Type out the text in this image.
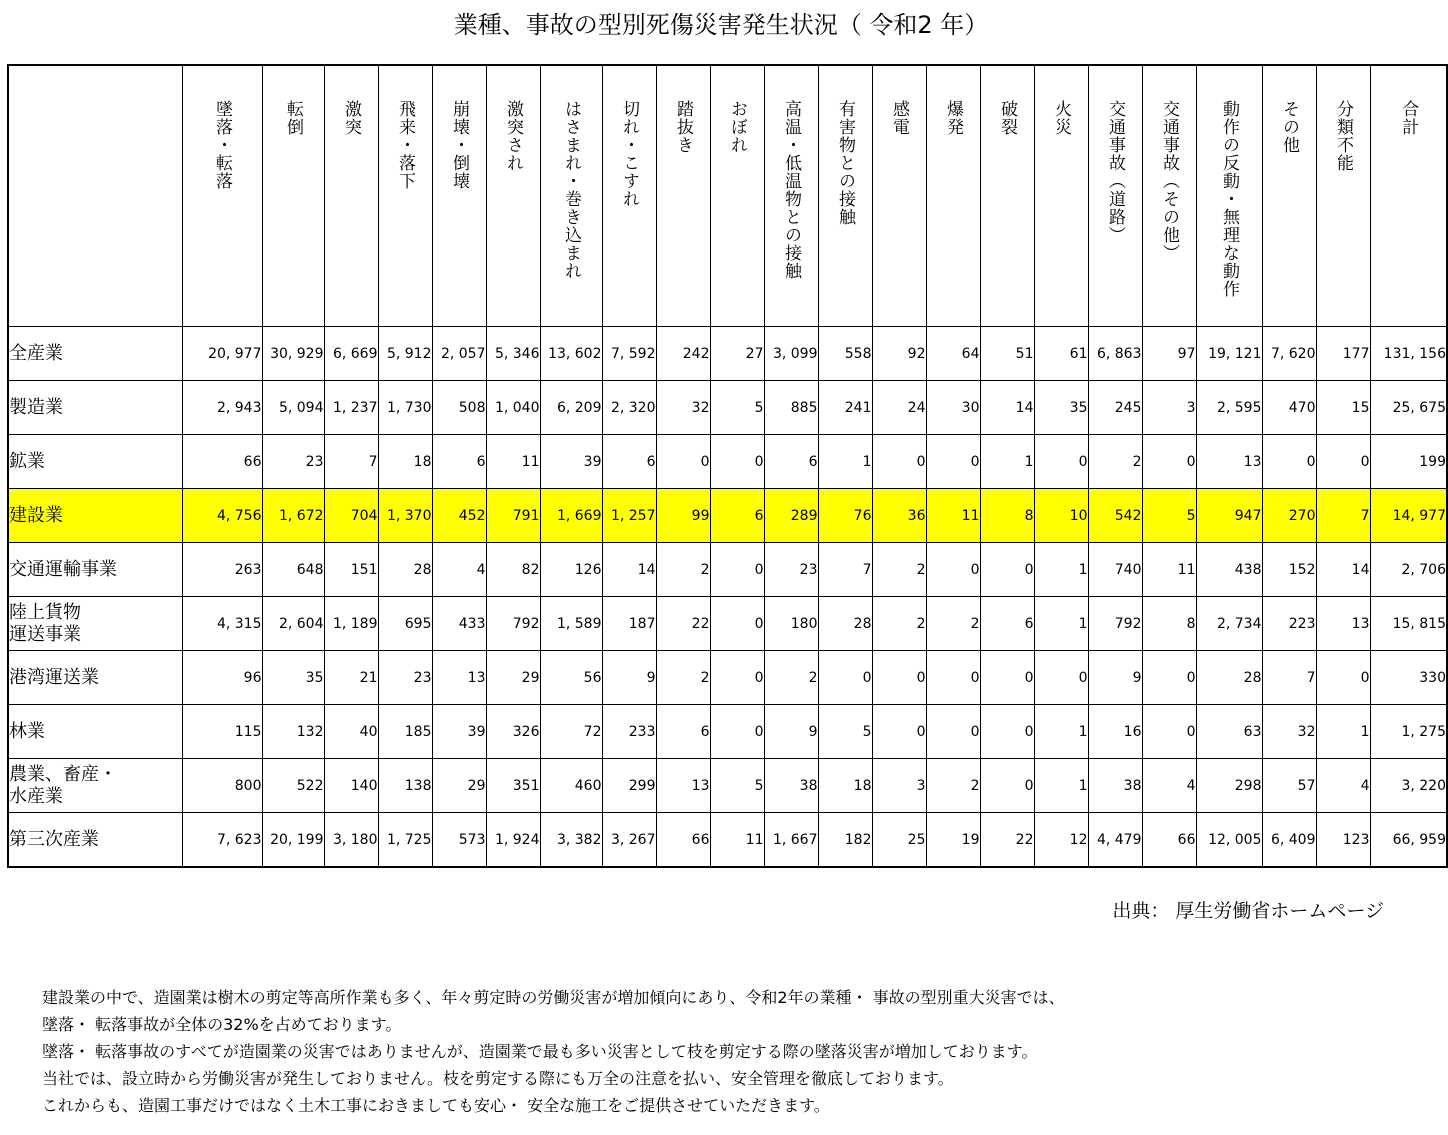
業種、事故の型別死傷災害発生状況（ 令和2 年）

	墜落・転落	転倒	激突	飛来・落下	崩壊・倒壊	激突され	はさまれ・巻き込まれ	切れ・こすれ	踏抜き	おぼれ	高温・低温物との接触	有害物との接触	感電	爆発	破裂	火災	交通事故（道路）	交通事故（その他）	動作の反動・無理な動作	その他	分類不能	合計

全産業	20, 977	30, 929	6, 669	5, 912	2, 057	5, 346	13, 602	7, 592	242	27	3, 099	558	92	64	51	61	6, 863	97	19, 121	7, 620	177	131, 156
製造業	2, 943	5, 094	1, 237	1, 730	508	1, 040	6, 209	2, 320	32	5	885	241	24	30	14	35	245	3	2, 595	470	15	25, 675
鉱業	66	23	7	18	6	11	39	6	0	0	6	1	0	0	1	0	2	0	13	0	0	199
建設業	4, 756	1, 672	704	1, 370	452	791	1, 669	1, 257	99	6	289	76	36	11	8	10	542	5	947	270	7	14, 977
交通運輸事業	263	648	151	28	4	82	126	14	2	0	23	7	2	0	0	1	740	11	438	152	14	2, 706
陸上貨物
運送事業	4, 315	2, 604	1, 189	695	433	792	1, 589	187	22	0	180	28	2	2	6	1	792	8	2, 734	223	13	15, 815
港湾運送業	96	35	21	23	13	29	56	9	2	0	2	0	0	0	0	0	9	0	28	7	0	330
林業	115	132	40	185	39	326	72	233	6	0	9	5	0	0	0	1	16	0	63	32	1	1, 275
農業、畜産・
水産業	800	522	140	138	29	351	460	299	13	5	38	18	3	2	0	1	38	4	298	57	4	3, 220
第三次産業	7, 623	20, 199	3, 180	1, 725	573	1, 924	3, 382	3, 267	66	11	1, 667	182	25	19	22	12	4, 479	66	12, 005	6, 409	123	66, 959
出典： 厚生労働省ホームページ

建設業の中で、造園業は樹木の剪定等高所作業も多く、年々剪定時の労働災害が増加傾向にあり、令和2年の業種・ 事故の型別重大災害では、

墜落・ 転落事故が全体の32%を占めております。

墜落・ 転落事故のすべてが造園業の災害ではありませんが、造園業で最も多い災害として枝を剪定する際の墜落災害が増加しております。

当社では、設立時から労働災害が発生しておりません。枝を剪定する際にも万全の注意を払い、安全管理を徹底しております。

これからも、造園工事だけではなく土木工事におきましても安心・ 安全な施工をご提供させていただきます。
